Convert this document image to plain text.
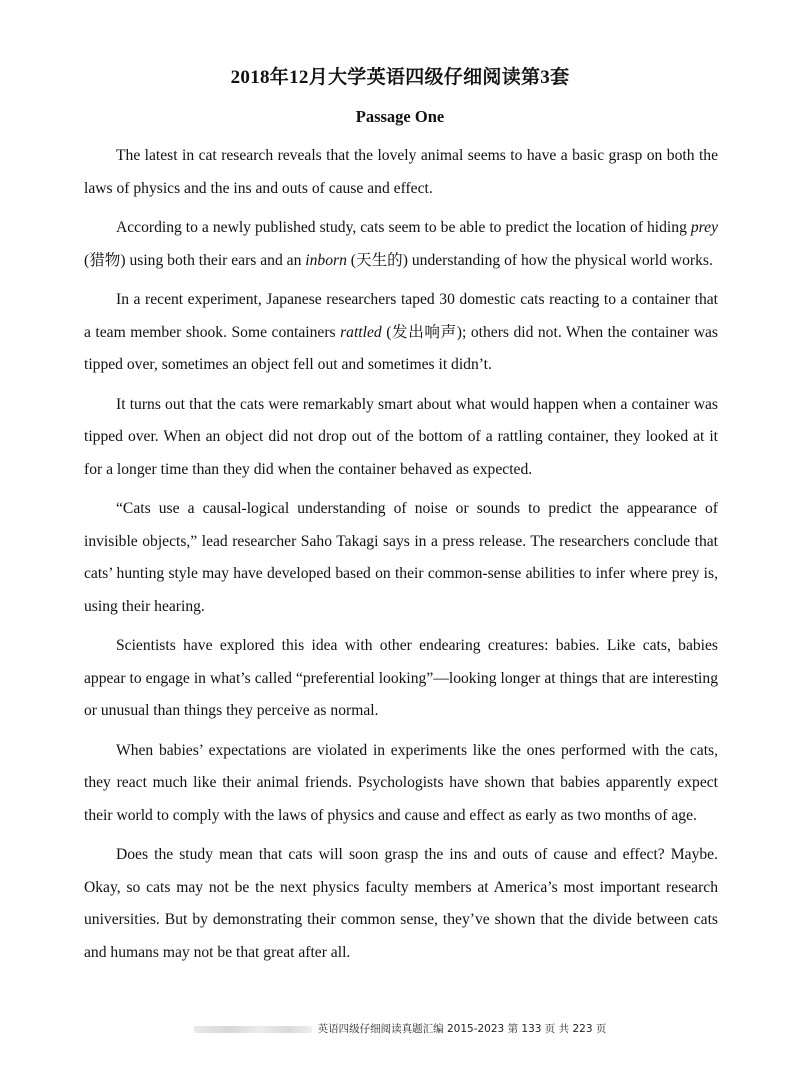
2018年12月大学英语四级仔细阅读第3套
Passage One

The latest in cat research reveals that the lovely animal seems to have a basic grasp on both the laws of physics and the ins and outs of cause and effect.

According to a newly published study, cats seem to be able to predict the location of hiding prey (猎物) using both their ears and an inborn (天生的) understanding of how the physical world works.

In a recent experiment, Japanese researchers taped 30 domestic cats reacting to a container that a team member shook. Some containers rattled (发出响声); others did not. When the container was tipped over, sometimes an object fell out and sometimes it didn’t.

It turns out that the cats were remarkably smart about what would happen when a container was tipped over. When an object did not drop out of the bottom of a rattling container, they looked at it for a longer time than they did when the container behaved as expected.

“Cats use a causal-logical understanding of noise or sounds to predict the appearance of invisible objects,” lead researcher Saho Takagi says in a press release. The researchers conclude that cats’ hunting style may have developed based on their common-sense abilities to infer where prey is, using their hearing.

Scientists have explored this idea with other endearing creatures: babies. Like cats, babies appear to engage in what’s called “preferential looking”—looking longer at things that are interesting or unusual than things they perceive as normal.

When babies’ expectations are violated in experiments like the ones performed with the cats, they react much like their animal friends. Psychologists have shown that babies apparently expect their world to comply with the laws of physics and cause and effect as early as two months of age.

Does the study mean that cats will soon grasp the ins and outs of cause and effect? Maybe. Okay, so cats may not be the next physics faculty members at America’s most important research universities. But by demonstrating their common sense, they’ve shown that the divide between cats and humans may not be that great after all.

英语四级仔细阅读真题汇编 2015-2023 第 133 页 共 223 页
